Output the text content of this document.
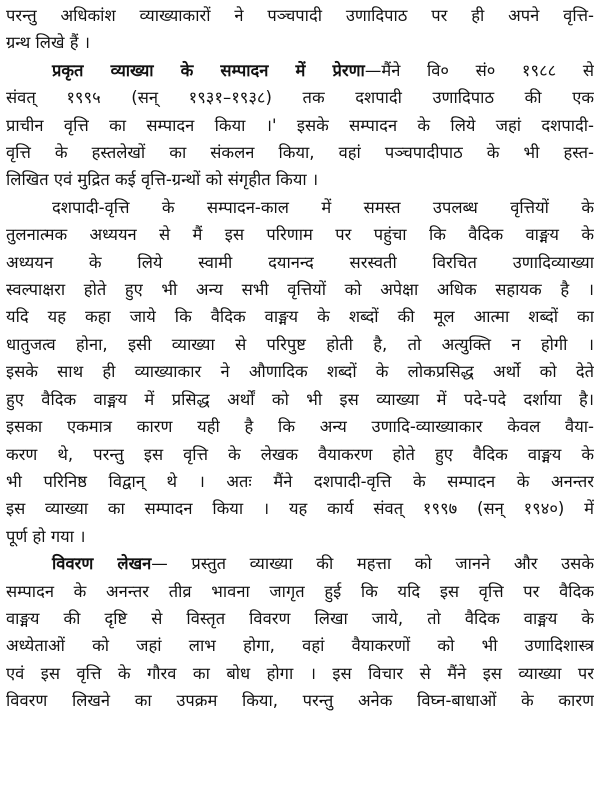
परन्तु अधिकांश व्याख्याकारों ने पञ्चपादी उणादिपाठ पर ही अपने वृत्ति-

ग्रन्थ लिखे हैं ।

प्रकृत व्याख्या के सम्पादन में प्रेरणा—मैंने वि० सं० १९८८ से

संवत् १९९५ (सन् १९३१–१९३८) तक दशपादी उणादिपाठ की एक

प्राचीन वृत्ति का सम्पादन किया ।' इसके सम्पादन के लिये जहां दशपादी-

वृत्ति के हस्तलेखों का संकलन किया, वहां पञ्चपादीपाठ के भी हस्त-

लिखित एवं मुद्रित कई वृत्ति-ग्रन्थों को संगृहीत किया ।

दशपादी-वृत्ति के सम्पादन-काल में समस्त उपलब्ध वृत्तियों के

तुलनात्मक अध्ययन से मैं इस परिणाम पर पहुंचा कि वैदिक वाङ्मय के

अध्ययन के लिये स्वामी दयानन्द सरस्वती विरचित उणादिव्याख्या

स्वल्पाक्षरा होते हुए भी अन्य सभी वृत्तियों को अपेक्षा अधिक सहायक है ।

यदि यह कहा जाये कि वैदिक वाङ्मय के शब्दों की मूल आत्मा शब्दों का

धातुजत्व होना, इसी व्याख्या से परिपुष्ट होती है, तो अत्युक्ति न होगी ।

इसके साथ ही व्याख्याकार ने औणादिक शब्दों के लोकप्रसिद्ध अर्थो को देते

हुए वैदिक वाङ्मय में प्रसिद्ध अर्थों को भी इस व्याख्या में पदे-पदे दर्शाया है।

इसका एकमात्र कारण यही है कि अन्य उणादि-व्याख्याकार केवल वैया-

करण थे, परन्तु इस वृत्ति के लेखक वैयाकरण होते हुए वैदिक वाङ्मय के

भी परिनिष्ठ विद्वान् थे । अतः मैंने दशपादी-वृत्ति के सम्पादन के अनन्तर

इस व्याख्या का सम्पादन किया । यह कार्य संवत् १९९७ (सन् १९४०) में

पूर्ण हो गया ।

विवरण लेखन— प्रस्तुत व्याख्या की महत्ता को जानने और उसके

सम्पादन के अनन्तर तीव्र भावना जागृत हुई कि यदि इस वृत्ति पर वैदिक

वाङ्मय की दृष्टि से विस्तृत विवरण लिखा जाये, तो वैदिक वाङ्मय के

अध्येताओं को जहां लाभ होगा, वहां वैयाकरणों को भी उणादिशास्त्र

एवं इस वृत्ति के गौरव का बोध होगा । इस विचार से मैंने इस व्याख्या पर

विवरण लिखने का उपक्रम किया, परन्तु अनेक विघ्न-बाधाओं के कारण
